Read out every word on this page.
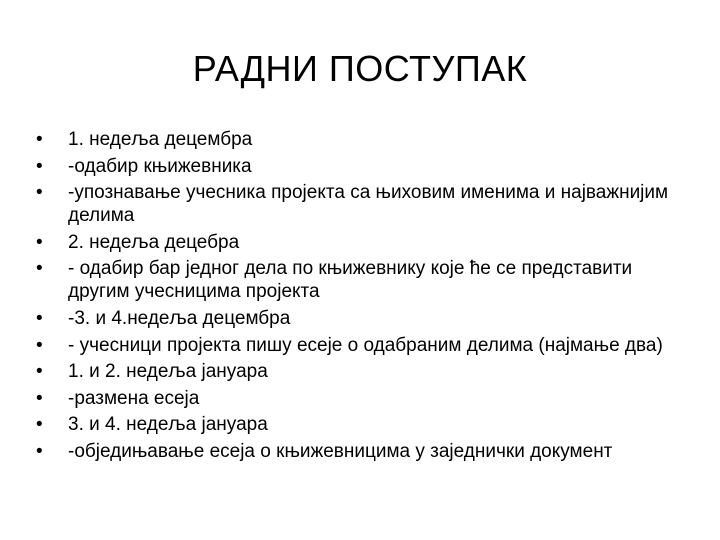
РАДНИ ПОСТУПАК
•	1. недеља децембра
•	-одабир књижевника
•	-упознавање учесника пројекта са њиховим именима и најважнијим делима
•	2. недеља децебра
•	- одабир бар једног дела по књижевнику које ће се представити другим учесницима пројекта
•	-3. и 4.недеља децембра
•	- учесници пројекта пишу есеје о одабраним делима (најмање два)
•	1. и 2. недеља јануара
•	-размена есеја
•	3. и 4. недеља јануара
•	-обједињавање есеја о књижевницима у заједнички документ
